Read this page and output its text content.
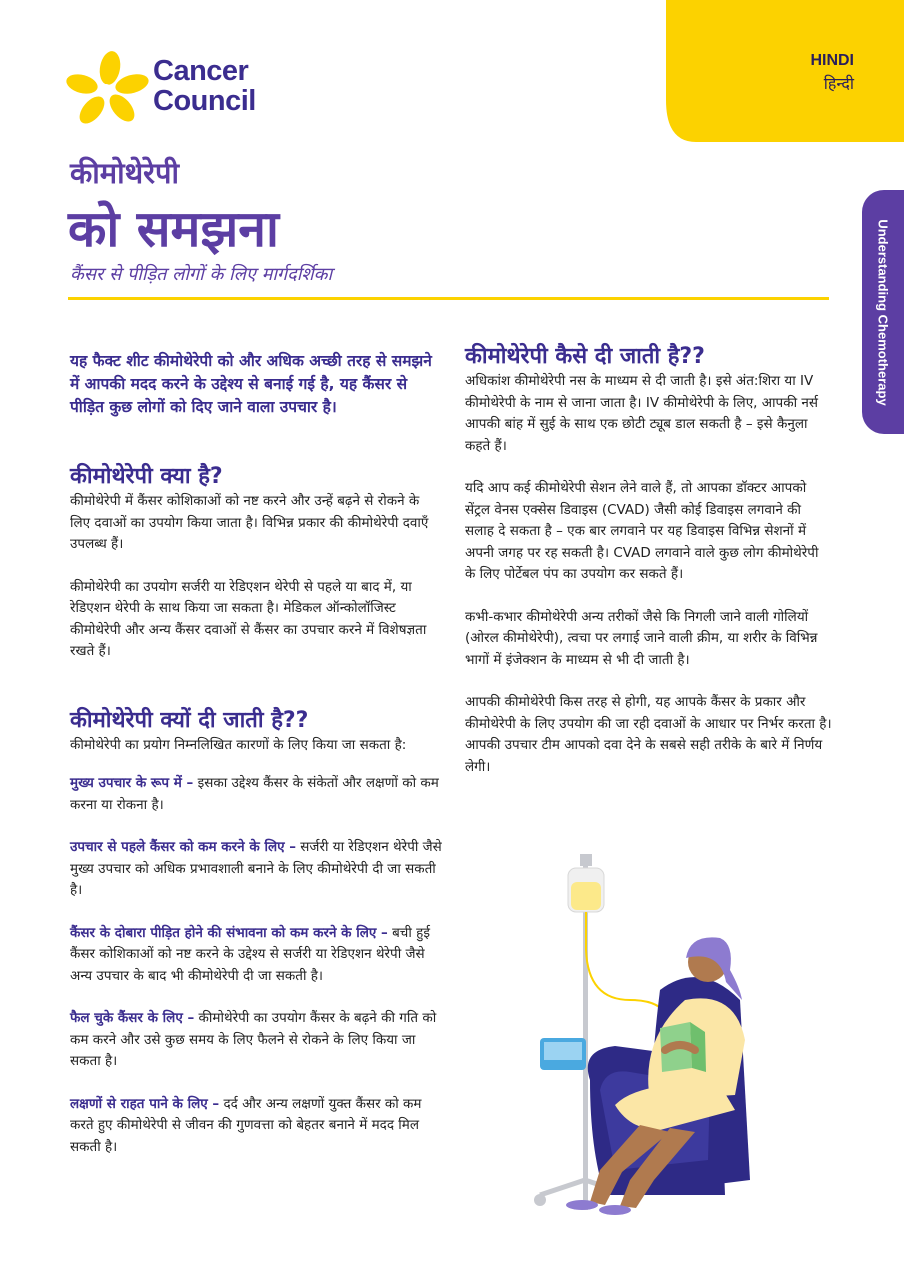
Cancer
Council
HINDI
हिन्दी
कीमोथेरेपी
को समझना
कैंसर से पीड़ित लोगों के लिए मार्गदर्शिका	Understanding Chemotherapy
यह फैक्ट शीट कीमोथेरेपी को और अधिक अच्छी तरह से समझने में आपकी मदद करने के उद्देश्य से बनाई गई है, यह कैंसर से पीड़ित कुछ लोगों को दिए जाने वाला उपचार है।
कीमोथेरेपी क्या है?

कीमोथेरेपी में कैंसर कोशिकाओं को नष्ट करने और उन्हें बढ़ने से रोकने के लिए दवाओं का उपयोग किया जाता है। विभिन्न प्रकार की कीमोथेरेपी दवाएँ उपलब्ध हैं।

कीमोथेरेपी का उपयोग सर्जरी या रेडिएशन थेरेपी से पहले या बाद में, या रेडिएशन थेरेपी के साथ किया जा सकता है। मेडिकल ऑन्कोलॉजिस्ट कीमोथेरेपी और अन्य कैंसर दवाओं से कैंसर का उपचार करने में विशेषज्ञता रखते हैं।

कीमोथेरेपी क्यों दी जाती है??

कीमोथेरेपी का प्रयोग निम्नलिखित कारणों के लिए किया जा सकता है:

मुख्य उपचार के रूप में – इसका उद्देश्य कैंसर के संकेतों और लक्षणों को कम करना या रोकना है।

उपचार से पहले कैंसर को कम करने के लिए – सर्जरी या रेडिएशन थेरेपी जैसे मुख्य उपचार को अधिक प्रभावशाली बनाने के लिए कीमोथेरेपी दी जा सकती है।

कैंसर के दोबारा पीड़ित होने की संभावना को कम करने के लिए – बची हुई कैंसर कोशिकाओं को नष्ट करने के उद्देश्य से सर्जरी या रेडिएशन थेरेपी जैसे अन्य उपचार के बाद भी कीमोथेरेपी दी जा सकती है।

फैल चुके कैंसर के लिए – कीमोथेरेपी का उपयोग कैंसर के बढ़ने की गति को कम करने और उसे कुछ समय के लिए फैलने से रोकने के लिए किया जा सकता है।

लक्षणों से राहत पाने के लिए – दर्द और अन्य लक्षणों युक्त कैंसर को कम करते हुए कीमोथेरेपी से जीवन की गुणवत्ता को बेहतर बनाने में मदद मिल सकती है।

कीमोथेरेपी कैसे दी जाती है??

अधिकांश कीमोथेरेपी नस के माध्यम से दी जाती है। इसे अंत:शिरा या IV कीमोथेरेपी के नाम से जाना जाता है। IV कीमोथेरेपी के लिए, आपकी नर्स आपकी बांह में सुई के साथ एक छोटी ट्यूब डाल सकती है – इसे कैनुला कहते हैं।

यदि आप कई कीमोथेरेपी सेशन लेने वाले हैं, तो आपका डॉक्टर आपको सेंट्रल वेनस एक्सेस डिवाइस (CVAD) जैसी कोई डिवाइस लगवाने की सलाह दे सकता है – एक बार लगवाने पर यह डिवाइस विभिन्न सेशनों में अपनी जगह पर रह सकती है। CVAD लगवाने वाले कुछ लोग कीमोथेरेपी के लिए पोर्टेबल पंप का उपयोग कर सकते हैं।

कभी-कभार कीमोथेरेपी अन्य तरीकों जैसे कि निगली जाने वाली गोलियों (ओरल कीमोथेरेपी), त्वचा पर लगाई जाने वाली क्रीम, या शरीर के विभिन्न भागों में इंजेक्शन के माध्यम से भी दी जाती है।

आपकी कीमोथेरेपी किस तरह से होगी, यह आपके कैंसर के प्रकार और कीमोथेरेपी के लिए उपयोग की जा रही दवाओं के आधार पर निर्भर करता है। आपकी उपचार टीम आपको दवा देने के सबसे सही तरीके के बारे में निर्णय लेगी।
